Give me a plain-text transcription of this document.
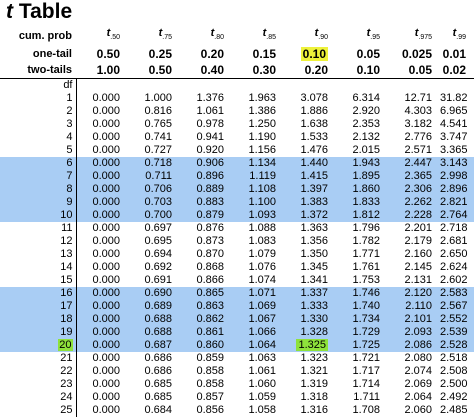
t Table
cum. prob	$t_{.50}$	$t_{.75}$	$t_{.80}$	$t_{.85}$	$t_{.90}$	$t_{.95}$	$t_{.975}$	$t_{.99}$
one-tail	0.50	0.25	0.20	0.15	0.10	0.05	0.025	0.01
two-tails	1.00	0.50	0.40	0.30	0.20	0.10	0.05	0.02
df								
1	0.000	1.000	1.376	1.963	3.078	6.314	12.71	31.82
2	0.000	0.816	1.061	1.386	1.886	2.920	4.303	6.965
3	0.000	0.765	0.978	1.250	1.638	2.353	3.182	4.541
4	0.000	0.741	0.941	1.190	1.533	2.132	2.776	3.747
5	0.000	0.727	0.920	1.156	1.476	2.015	2.571	3.365
6	0.000	0.718	0.906	1.134	1.440	1.943	2.447	3.143
7	0.000	0.711	0.896	1.119	1.415	1.895	2.365	2.998
8	0.000	0.706	0.889	1.108	1.397	1.860	2.306	2.896
9	0.000	0.703	0.883	1.100	1.383	1.833	2.262	2.821
10	0.000	0.700	0.879	1.093	1.372	1.812	2.228	2.764
11	0.000	0.697	0.876	1.088	1.363	1.796	2.201	2.718
12	0.000	0.695	0.873	1.083	1.356	1.782	2.179	2.681
13	0.000	0.694	0.870	1.079	1.350	1.771	2.160	2.650
14	0.000	0.692	0.868	1.076	1.345	1.761	2.145	2.624
15	0.000	0.691	0.866	1.074	1.341	1.753	2.131	2.602
16	0.000	0.690	0.865	1.071	1.337	1.746	2.120	2.583
17	0.000	0.689	0.863	1.069	1.333	1.740	2.110	2.567
18	0.000	0.688	0.862	1.067	1.330	1.734	2.101	2.552
19	0.000	0.688	0.861	1.066	1.328	1.729	2.093	2.539
20	0.000	0.687	0.860	1.064	1.325	1.725	2.086	2.528
21	0.000	0.686	0.859	1.063	1.323	1.721	2.080	2.518
22	0.000	0.686	0.858	1.061	1.321	1.717	2.074	2.508
23	0.000	0.685	0.858	1.060	1.319	1.714	2.069	2.500
24	0.000	0.685	0.857	1.059	1.318	1.711	2.064	2.492
25	0.000	0.684	0.856	1.058	1.316	1.708	2.060	2.485
